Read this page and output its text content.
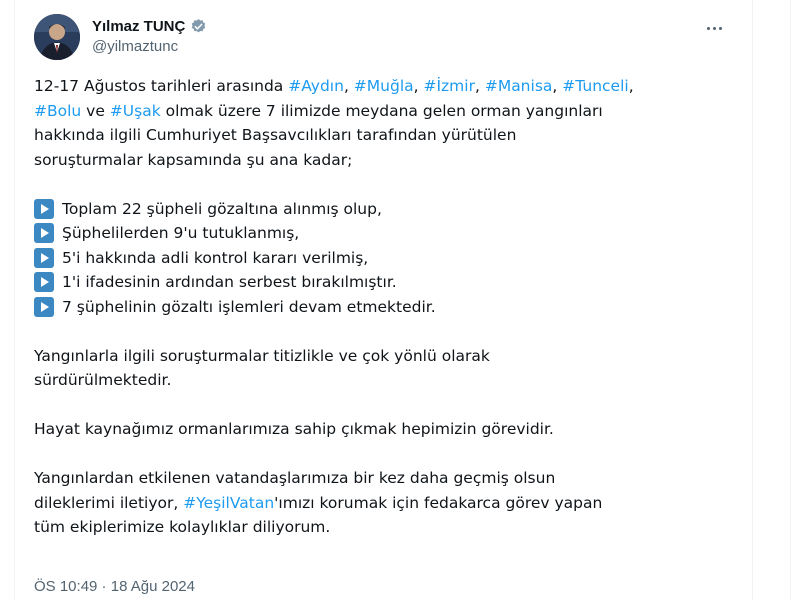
Yılmaz TUNÇ
@yilmaztunc

12-17 Ağustos tarihleri arasında #Aydın, #Muğla, #İzmir, #Manisa, #Tunceli,

#Bolu ve #Uşak olmak üzere 7 ilimizde meydana gelen orman yangınları

hakkında ilgili Cumhuriyet Başsavcılıkları tarafından yürütülen

soruşturmalar kapsamında şu ana kadar;

Toplam 22 şüpheli gözaltına alınmış olup,
Şüphelilerden 9'u tutuklanmış,
5'i hakkında adli kontrol kararı verilmiş,
1'i ifadesinin ardından serbest bırakılmıştır.
7 şüphelinin gözaltı işlemleri devam etmektedir.

Yangınlarla ilgili soruşturmalar titizlikle ve çok yönlü olarak

sürdürülmektedir.

Hayat kaynağımız ormanlarımıza sahip çıkmak hepimizin görevidir.

Yangınlardan etkilenen vatandaşlarımıza bir kez daha geçmiş olsun

dileklerimi iletiyor, #YeşilVatan'ımızı korumak için fedakarca görev yapan

tüm ekiplerimize kolaylıklar diliyorum.

ÖS 10:49 · 18 Ağu 2024
